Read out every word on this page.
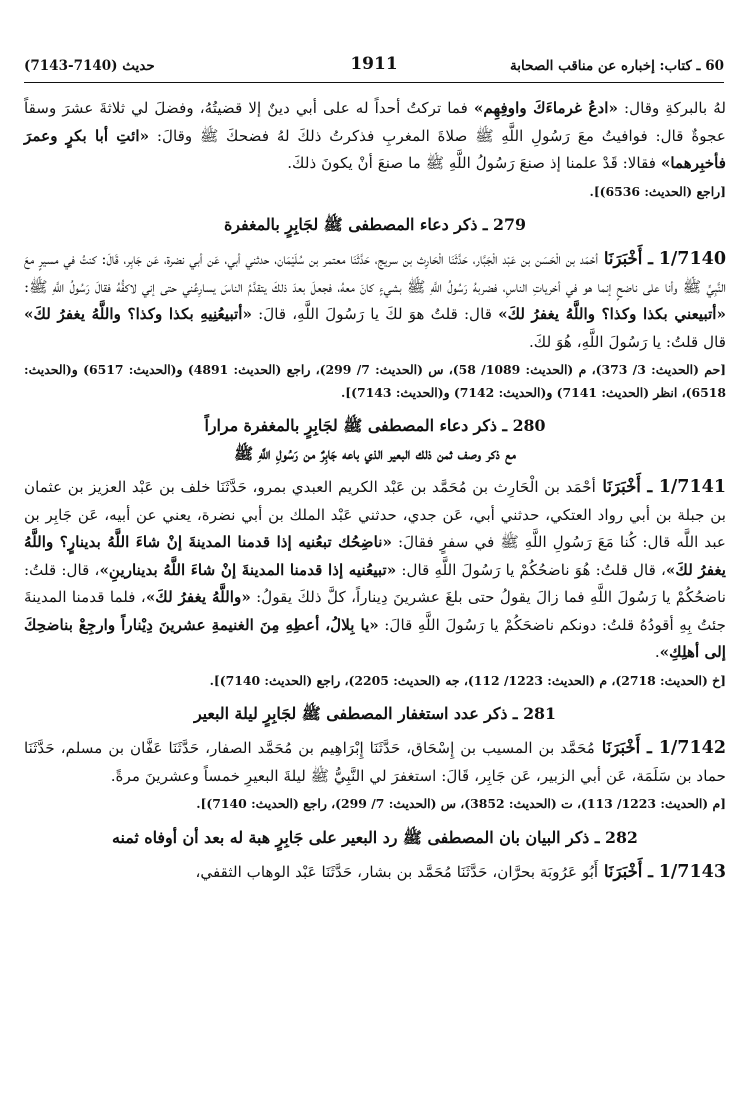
60 ـ كتاب: إخباره عن مناقب الصحابة
1911
حديث (7140-7143)

لهُ بالبركةِ وقال: «ادعُ غرماءَكَ واوفِهِم» فما تركتُ أحداً له على أبي دينٌ إلا قضيتُهُ، وفضلَ لي ثلاثةَ عشرَ وسقاً عجوةٌ قال: فوافيتُ معَ رَسُولِ اللَّهِ ﷺ صلاةَ المغربِ فذكرتُ ذلكَ لهُ فضحكَ ﷺ وقالَ: «ائتِ أبا بكرٍ وعمرَ فأخبِرهما» فقالا: قَدْ علمنا إذ صنعَ رَسُولُ اللَّهِ ﷺ ما صنعَ أنْ يكونَ ذلكَ.

[راجع (الحديث: 6536)].

279 ـ ذكر دعاء المصطفى ﷺ لجَابِرٍ بالمغفرة

1/7140 ـ أَخْبَرَنَا أحْمَد بن الْحَسَن بن عَبْد الْجَبَّار، حَدَّثَنَا الْحَارِث بن سريج، حَدَّثَنَا معتمر بن سُلَيْمَان، حدثني أبي، عَن أبي نضرة، عَن جَابِر، قَالَ: كنتُ في مسيرٍ معَ النَّبِيِّ ﷺ وأنا على ناضحٍ إنما هو في أخرياتِ الناسِ، فضربهُ رَسُولُ اللَّهِ ﷺ بشيءٍ كانَ معهُ، فجعلَ بعدَ ذلكَ يتقدَّمُ الناسَ يسارِعُني حتى إني لاكفُّهُ فقالَ رَسُولُ اللَّهِ ﷺ: «أتبيعني بكذا وكذا؟ واللَّهُ يغفرُ لكَ» قال: قلتُ هوَ لكَ يا رَسُولَ اللَّهِ، قالَ: «أتبيعُنِيهِ بكذا وكذا؟ واللَّهُ يغفرُ لكَ» قال قلتُ: يا رَسُولَ اللَّهِ، هُوَ لكَ.

[حم (الحديث: 3/ 373)، م (الحديث: 1089/ 58)، س (الحديث: 7/ 299)، راجع (الحديث: 4891) و(الحديث: 6517) و(الحديث: 6518)، انظر (الحديث: 7141) و(الحديث: 7142) و(الحديث: 7143)].

280 ـ ذكر دعاء المصطفى ﷺ لجَابِرٍ بالمغفرة مراراً

مع ذكر وصف ثمن ذلك البعير الذي باعه جَابِرٌ من رَسُولِ اللَّهِ ﷺ

1/7141 ـ أَخْبَرَنَا أحْمَد بن الْحَارِث بن مُحَمَّد بن عَبْد الكريم العبدي بمرو، حَدَّثَنَا خلف بن عَبْد العزيز بن عثمان بن جبلة بن أبي رواد العتكي، حدثني أبي، عَن جدي، حدثني عَبْد الملك بن أبي نضرة، يعني عن أبيه، عَن جَابِر بن عبد اللَّه قال: كُنا مَعَ رَسُولِ اللَّهِ ﷺ في سفرٍ فقالَ: «ناضِحُك تبعُنيه إذا قدمنا المدينةَ إنْ شاءَ اللَّهُ بدينارٍ؟ واللَّهُ يغفرُ لكَ»، قال قلتُ: هُوَ ناضحُكُمْ يا رَسُولَ اللَّهِ قال: «تبيعُنيه إذا قدمنا المدينةَ إنْ شاءَ اللَّهُ بدينارينِ»، قال: قلتُ: ناضحُكُمْ يا رَسُولَ اللَّهِ فما زالَ يقولُ حتى بلغَ عشرينَ دِيناراً، كلَّ ذلكَ يقولُ: «واللَّهُ يغفرُ لكَ»، فلما قدمنا المدينةَ جئتُ بِهِ أقودُهُ قلتُ: دونكم ناضحَكُمْ يا رَسُولَ اللَّهِ قالَ: «يا بِلالُ، أعطِهِ مِنَ الغنيمةِ عشرينَ دِيْناراً وارجِعْ بناضحِكَ إلى أهلِكِ».

[خ (الحديث: 2718)، م (الحديث: 1223/ 112)، جه (الحديث: 2205)، راجع (الحديث: 7140)].

281 ـ ذكر عدد استغفار المصطفى ﷺ لجَابِرٍ ليلة البعير

1/7142 ـ أَخْبَرَنَا مُحَمَّد بن المسيب بن إِسْحَاق، حَدَّثَنَا إِبْرَاهِيم بن مُحَمَّد الصفار، حَدَّثَنَا عَفَّان بن مسلم، حَدَّثَنَا حماد بن سَلَمَة، عَن أبي الزبير، عَن جَابِر، قَالَ: استغفرَ لي النَّبِيُّ ﷺ ليلةَ البعيرِ خمساً وعشرينَ مرةً.

[م (الحديث: 1223/ 113)، ت (الحديث: 3852)، س (الحديث: 7/ 299)، راجع (الحديث: 7140)].

282 ـ ذكر البيان بان المصطفى ﷺ رد البعير على جَابِرٍ هبة له بعد أن أوفاه ثمنه

1/7143 ـ أَخْبَرَنَا أَبُو عَرُوبَة بحرَّان، حَدَّثَنَا مُحَمَّد بن بشار، حَدَّثَنَا عَبْد الوهاب الثقفي،
